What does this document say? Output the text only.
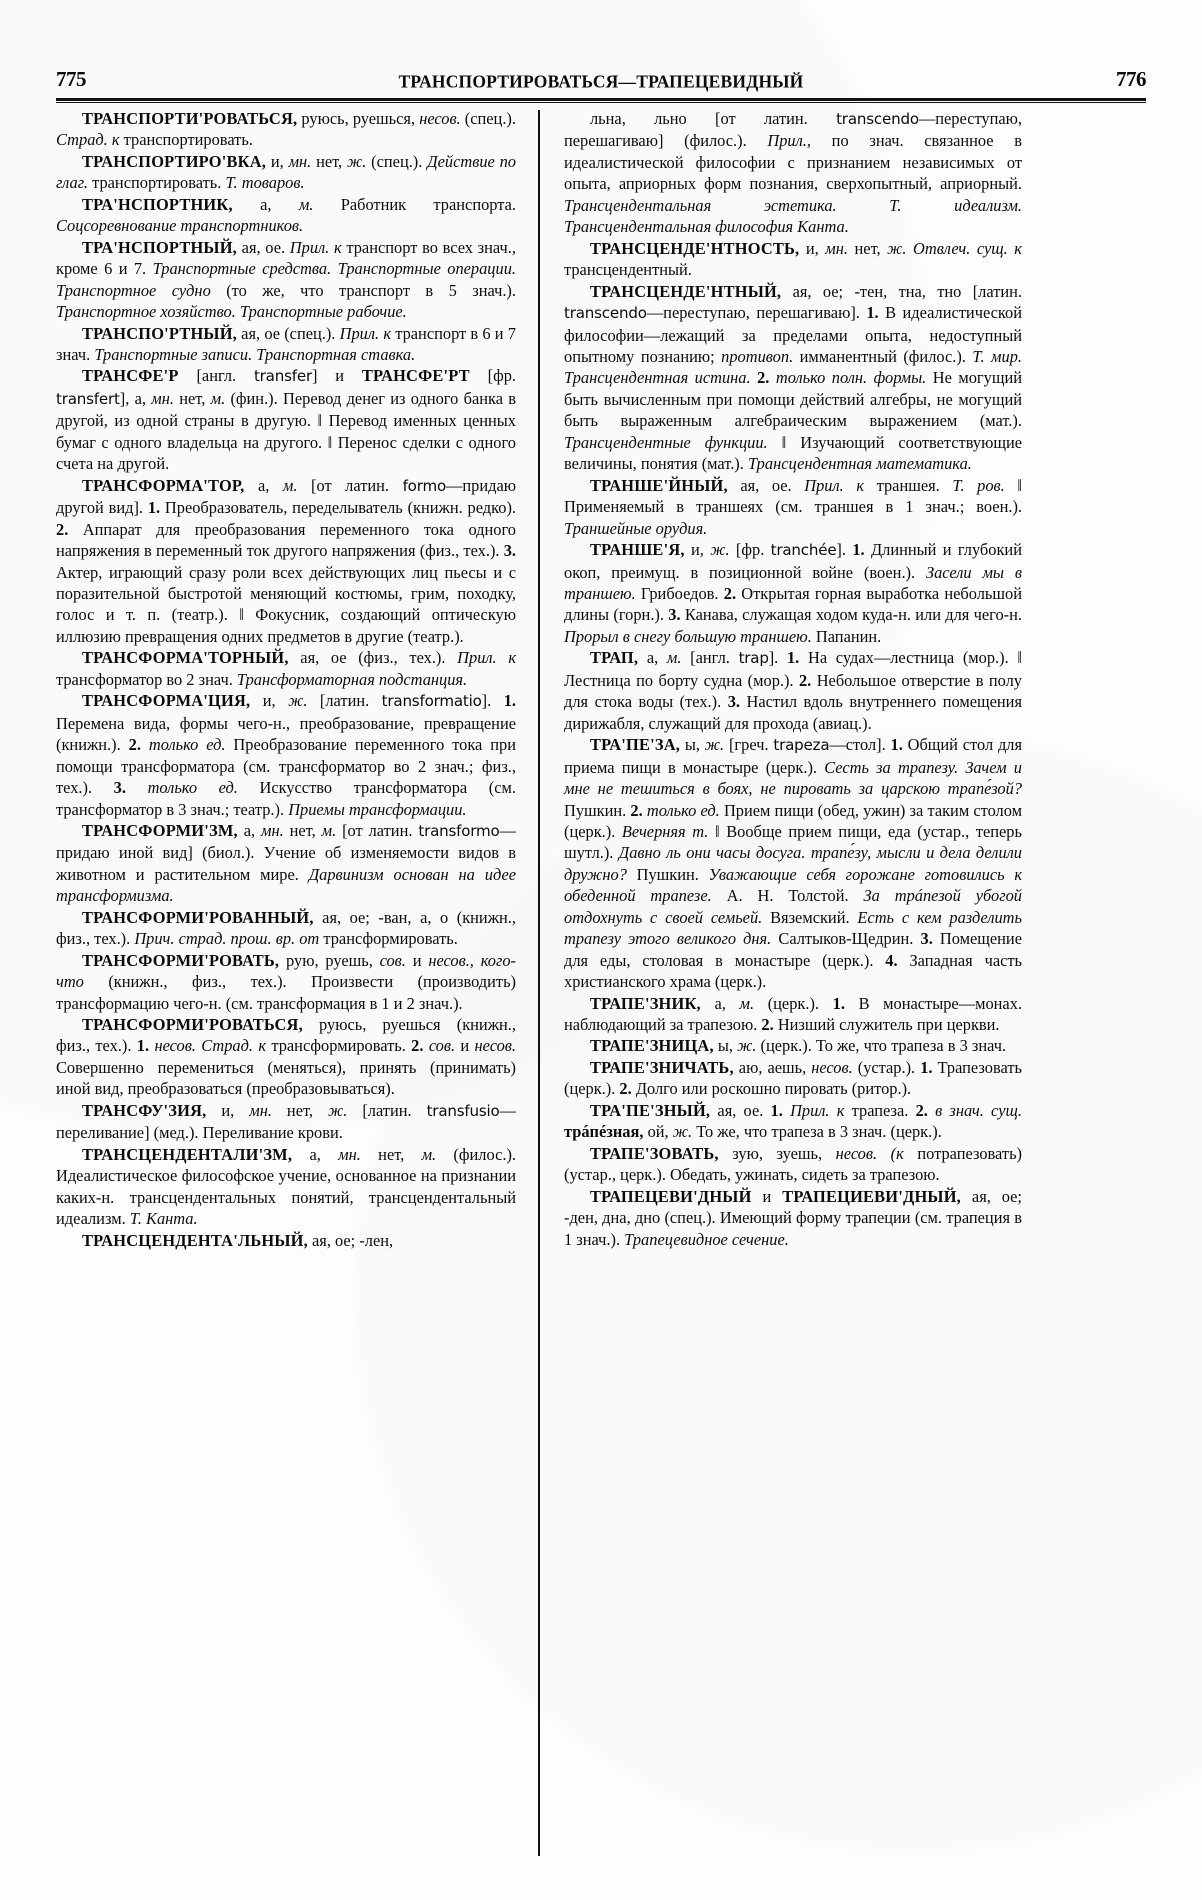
775	ТРАНСПОРТИРОВАТЬСЯ—ТРАПЕЦЕВИДНЫЙ	776

ТРАНСПОРТИ'РОВАТЬСЯ, руюсь, руешься, несов. (спец.). Страд. к транспортировать.

ТРАНСПОРТИРО'ВКА, и, мн. нет, ж. (спец.). Действие по глаг. транспортировать. Т. товаров.

ТРА'НСПОРТНИК, а, м. Работник транспорта. Соцсоревнование транспортников.

ТРА'НСПОРТНЫЙ, ая, ое. Прил. к транспорт во всех знач., кроме 6 и 7. Транспортные средства. Транспортные операции. Транспортное судно (то же, что транспорт в 5 знач.). Транспортное хозяйство. Транспортные рабочие.

ТРАНСПО'РТНЫЙ, ая, ое (спец.). Прил. к транспорт в 6 и 7 знач. Транспортные записи. Транспортная ставка.

ТРАНСФЕ'Р [англ. transfer] и ТРАНСФЕ'РТ [фр. transfert], а, мн. нет, м. (фин.). Перевод денег из одного банка в другой, из одной страны в другую. ‖ Перевод именных ценных бумаг с одного владельца на другого. ‖ Перенос сделки с одного счета на другой.

ТРАНСФОРМА'ТОР, а, м. [от латин. formo—придаю другой вид]. 1. Преобразователь, переделыватель (книжн. редко). 2. Аппарат для преобразования переменного тока одного напряжения в переменный ток другого напряжения (физ., тех.). 3. Актер, играющий сразу роли всех действующих лиц пьесы и с поразительной быстротой меняющий костюмы, грим, походку, голос и т. п. (театр.). ‖ Фокусник, создающий оптическую иллюзию превращения одних предметов в другие (театр.).

ТРАНСФОРМА'ТОРНЫЙ, ая, ое (физ., тех.). Прил. к трансформатор во 2 знач. Трансформаторная подстанция.

ТРАНСФОРМА'ЦИЯ, и, ж. [латин. transformatio]. 1. Перемена вида, формы чего-н., преобразование, превращение (книжн.). 2. только ед. Преобразование переменного тока при помощи трансформатора (см. трансформатор во 2 знач.; физ., тех.). 3. только ед. Искусство трансформатора (см. трансформатор в 3 знач.; театр.). Приемы трансформации.

ТРАНСФОРМИ'ЗМ, а, мн. нет, м. [от латин. transformo—придаю иной вид] (биол.). Учение об изменяемости видов в животном и растительном мире. Дарвинизм основан на идее трансформизма.

ТРАНСФОРМИ'РОВАННЫЙ, ая, ое; -ван, а, о (книжн., физ., тех.). Прич. страд. прош. вр. от трансформировать.

ТРАНСФОРМИ'РОВАТЬ, рую, руешь, сов. и несов., кого-что (книжн., физ., тех.). Произвести (производить) трансформацию чего-н. (см. трансформация в 1 и 2 знач.).

ТРАНСФОРМИ'РОВАТЬСЯ, руюсь, руешься (книжн., физ., тех.). 1. несов. Страд. к трансформировать. 2. сов. и несов. Совершенно перемениться (меняться), принять (принимать) иной вид, преобразоваться (преобразовываться).

ТРАНСФУ'ЗИЯ, и, мн. нет, ж. [латин. transfusio—переливание] (мед.). Переливание крови.

ТРАНСЦЕНДЕНТАЛИ'ЗМ, а, мн. нет, м. (филос.). Идеалистическое философское учение, основанное на признании каких-н. трансцендентальных понятий, трансцендентальный идеализм. Т. Канта.

ТРАНСЦЕНДЕНТА'ЛЬНЫЙ, ая, ое; -лен,

льна, льно [от латин. transcendo—переступаю, перешагиваю] (филос.). Прил., по знач. связанное в идеалистической философии с признанием независимых от опыта, априорных форм познания, сверхопытный, априорный. Трансцендентальная эстетика. Т. идеализм. Трансцендентальная философия Канта.

ТРАНСЦЕНДЕ'НТНОСТЬ, и, мн. нет, ж. Отвлеч. сущ. к трансцендентный.

ТРАНСЦЕНДЕ'НТНЫЙ, ая, ое; -тен, тна, тно [латин. transcendo—переступаю, перешагиваю]. 1. В идеалистической философии—лежащий за пределами опыта, недоступный опытному познанию; противоп. имманентный (филос.). Т. мир. Трансцендентная истина. 2. только полн. формы. Не могущий быть вычисленным при помощи действий алгебры, не могущий быть выраженным алгебраическим выражением (мат.). Трансцендентные функции. ‖ Изучающий соответствующие величины, понятия (мат.). Трансцендентная математика.

ТРАНШЕ'ЙНЫЙ, ая, ое. Прил. к траншея. Т. ров. ‖ Применяемый в траншеях (см. траншея в 1 знач.; воен.). Траншейные орудия.

ТРАНШЕ'Я, и, ж. [фр. tranchée]. 1. Длинный и глубокий окоп, преимущ. в позиционной войне (воен.). Засели мы в траншею. Грибоедов. 2. Открытая горная выработка небольшой длины (горн.). 3. Канава, служащая ходом куда-н. или для чего-н. Прорыл в снегу большую траншею. Папанин.

ТРАП, а, м. [англ. trap]. 1. На судах—лестница (мор.). ‖ Лестница по борту судна (мор.). 2. Небольшое отверстие в полу для стока воды (тех.). 3. Настил вдоль внутреннего помещения дирижабля, служащий для прохода (авиац.).

ТРА'ПЕ'ЗА, ы, ж. [греч. trapeza—стол]. 1. Общий стол для приема пищи в монастыре (церк.). Сесть за трапезу. Зачем и мне не тешиться в боях, не пировать за царскою трапе́зой? Пушкин. 2. только ед. Прием пищи (обед, ужин) за таким столом (церк.). Вечерняя т. ‖ Вообще прием пищи, еда (устар., теперь шутл.). Давно ль они часы досуга. трапе́зу, мысли и дела делили дружно? Пушкин. Уважающие себя горожане готовились к обеденной трапезе. А. Н. Толстой. За трáпезой убогой отдохнуть с своей семьей. Вяземский. Есть с кем разделить трапезу этого великого дня. Салтыков-Щедрин. 3. Помещение для еды, столовая в монастыре (церк.). 4. Западная часть христианского храма (церк.).

ТРАПЕ'ЗНИК, а, м. (церк.). 1. В монастыре—монах. наблюдающий за трапезою. 2. Низший служитель при церкви.

ТРАПЕ'ЗНИЦА, ы, ж. (церк.). То же, что трапеза в 3 знач.

ТРАПЕ'ЗНИЧАТЬ, аю, аешь, несов. (устар.). 1. Трапезовать (церк.). 2. Долго или роскошно пировать (ритор.).

ТРА'ПЕ'ЗНЫЙ, ая, ое. 1. Прил. к трапеза. 2. в знач. сущ. трáпéзная, ой, ж. То же, что трапеза в 3 знач. (церк.).

ТРАПЕ'ЗОВАТЬ, зую, зуешь, несов. (к потрапезовать) (устар., церк.). Обедать, ужинать, сидеть за трапезою.

ТРАПЕЦЕВИ'ДНЫЙ и ТРАПЕЦИЕВИ'ДНЫЙ, ая, ое; -ден, дна, дно (спец.). Имеющий форму трапеции (см. трапеция в 1 знач.). Трапецевидное сечение.
